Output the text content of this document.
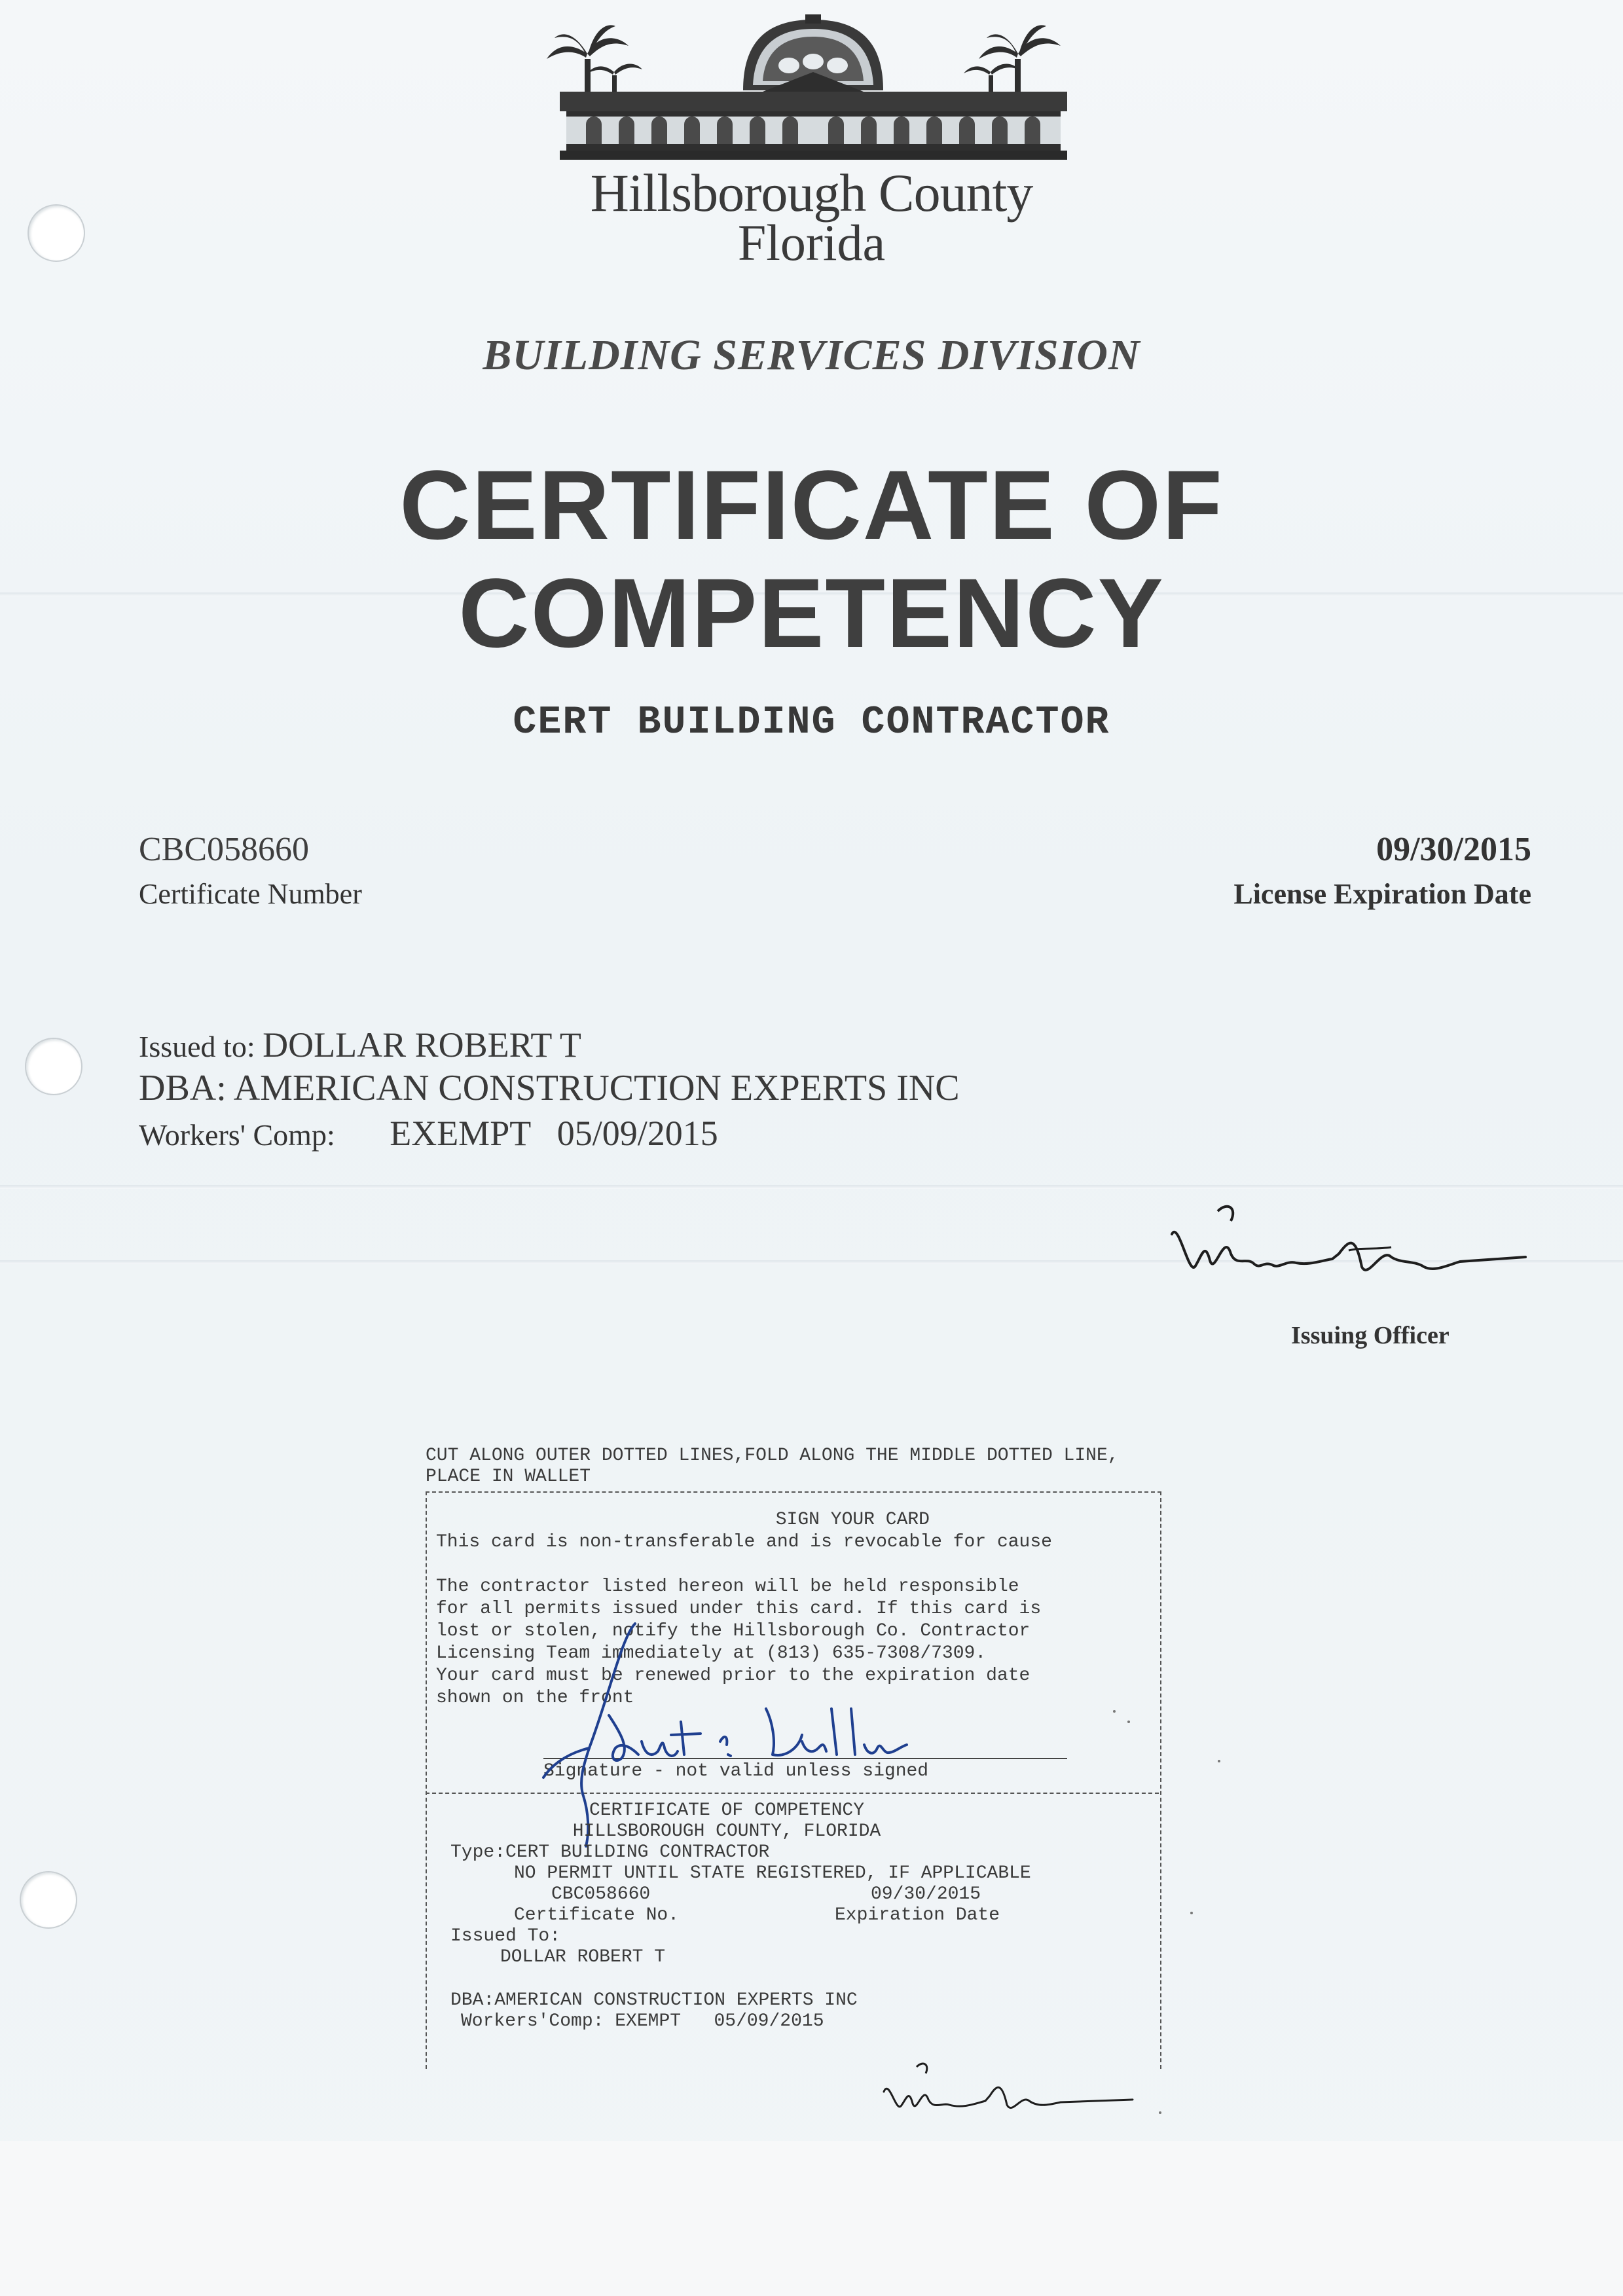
Hillsborough County
Florida
BUILDING SERVICES DIVISION
CERTIFICATE OF
COMPETENCY
CERT BUILDING CONTRACTOR
CBC058660
Certificate Number
09/30/2015
License Expiration Date
Issued to: DOLLAR ROBERT T
DBA: AMERICAN CONSTRUCTION EXPERTS INC
Workers' Comp: EXEMPT   05/09/2015
Issuing Officer
CUT ALONG OUTER DOTTED LINES,FOLD ALONG THE MIDDLE DOTTED LINE,
PLACE IN WALLET
SIGN YOUR CARD
This card is non-transferable and is revocable for cause
The contractor listed hereon will be held responsible
for all permits issued under this card. If this card is
lost or stolen, notify the Hillsborough Co. Contractor
Licensing Team immediately at (813) 635-7308/7309.
Your card must be renewed prior to the expiration date
shown on the front
Signature - not valid unless signed
CERTIFICATE OF COMPETENCY
HILLSBOROUGH COUNTY, FLORIDA
Type:CERT BUILDING CONTRACTOR
NO PERMIT UNTIL STATE REGISTERED, IF APPLICABLE
CBC058660	09/30/2015
Certificate No.	Expiration Date
Issued To:
DOLLAR ROBERT T
DBA:AMERICAN CONSTRUCTION EXPERTS INC
Workers'Comp: EXEMPT   05/09/2015
